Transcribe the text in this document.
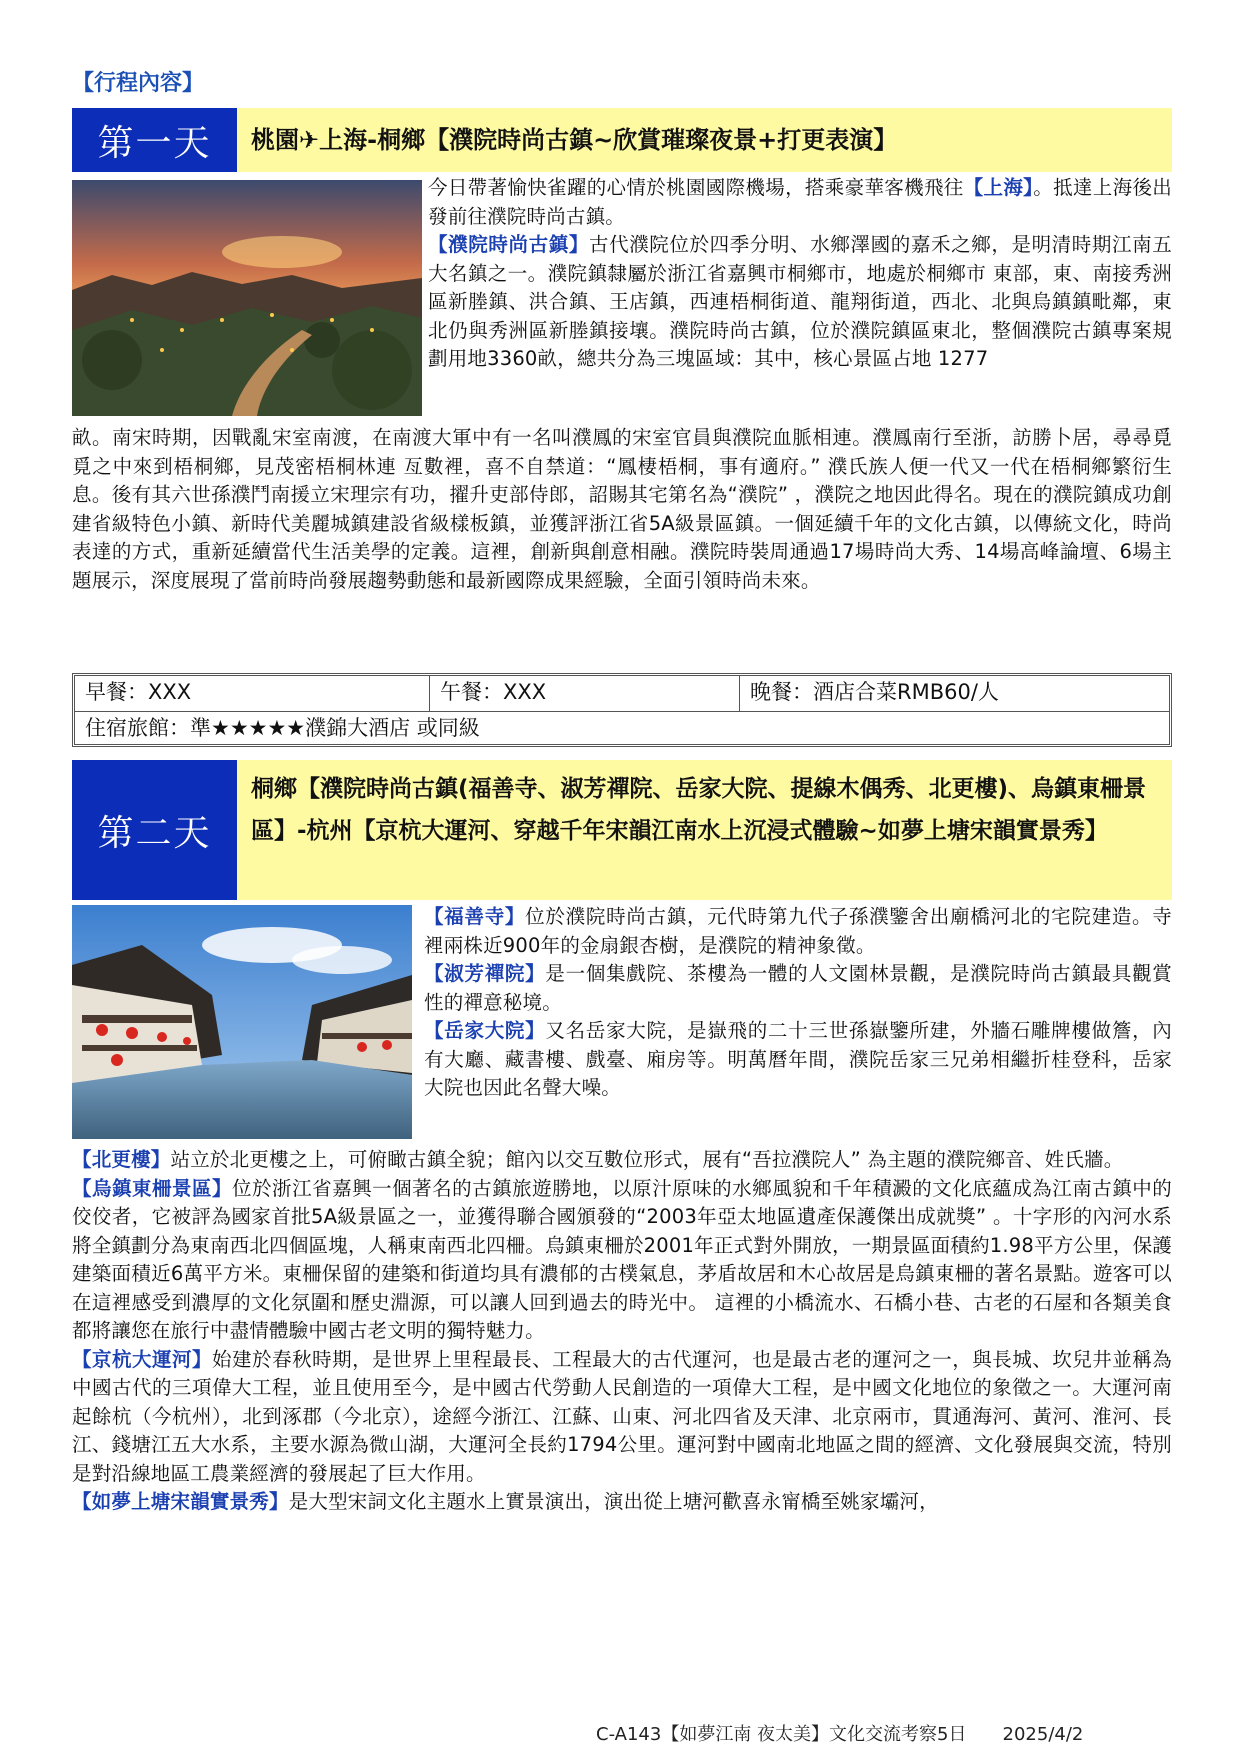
【行程內容】
第一天	桃園✈上海-桐鄉【濮院時尚古鎮~欣賞璀璨夜景+打更表演】
今日帶著愉快雀躍的心情於桃園國際機場，搭乘豪華客機飛往【上海】。抵達上海後出發前往濮院時尚古鎮。
【濮院時尚古鎮】古代濮院位於四季分明、水鄉澤國的嘉禾之鄉，是明清時期江南五大名鎮之一。濮院鎮隸屬於浙江省嘉興市桐鄉市，地處於桐鄉市 東部，東、南接秀洲區新塍鎮、洪合鎮、王店鎮，西連梧桐街道、龍翔街道，西北、北與烏鎮鎮毗鄰，東北仍與秀洲區新塍鎮接壤。濮院時尚古鎮，位於濮院鎮區東北，整個濮院古鎮專案規劃用地3360畝，總共分為三塊區域：其中，核心景區占地 1277
畝。南宋時期，因戰亂宋室南渡，在南渡大軍中有一名叫濮鳳的宋室官員與濮院血脈相連。濮鳳南行至浙，訪勝卜居，尋尋覓覓之中來到梧桐鄉，見茂密梧桐林連 亙數裡，喜不自禁道：“鳳棲梧桐，事有適府。” 濮氏族人便一代又一代在梧桐鄉繁衍生息。後有其六世孫濮鬥南援立宋理宗有功，擢升吏部侍郎，詔賜其宅第名為“濮院” ，濮院之地因此得名。現在的濮院鎮成功創建省級特色小鎮、新時代美麗城鎮建設省級樣板鎮，並獲評浙江省5A級景區鎮。一個延續千年的文化古鎮，以傳統文化，時尚表達的方式，重新延續當代生活美學的定義。這裡，創新與創意相融。濮院時裝周通過17場時尚大秀、14場高峰論壇、6場主題展示，深度展現了當前時尚發展趨勢動態和最新國際成果經驗，全面引領時尚未來。
早餐：XXX	午餐：XXX	晚餐：酒店合菜RMB60/人
住宿旅館：準★★★★★濮錦大酒店 或同級
第二天
桐鄉【濮院時尚古鎮(福善寺、淑芳禪院、岳家大院、提線木偶秀、北更樓)、烏鎮東柵景區】-杭州【京杭大運河、穿越千年宋韻江南水上沉浸式體驗~如夢上塘宋韻實景秀】
【福善寺】位於濮院時尚古鎮，元代時第九代子孫濮鑒舍出廟橋河北的宅院建造。寺裡兩株近900年的金扇銀杏樹，是濮院的精神象徵。
【淑芳禪院】是一個集戲院、茶樓為一體的人文園林景觀，是濮院時尚古鎮最具觀賞性的禪意秘境。
【岳家大院】又名岳家大院，是嶽飛的二十三世孫嶽鑒所建，外牆石雕牌樓做簷，內有大廳、藏書樓、戲臺、廂房等。明萬曆年間，濮院岳家三兄弟相繼折桂登科，岳家大院也因此名聲大噪。
【北更樓】站立於北更樓之上，可俯瞰古鎮全貌；館內以交互數位形式，展有“吾拉濮院人” 為主題的濮院鄉音、姓氏牆。
【烏鎮東柵景區】位於浙江省嘉興一個著名的古鎮旅遊勝地，以原汁原味的水鄉風貌和千年積澱的文化底蘊成為江南古鎮中的佼佼者，它被評為國家首批5A級景區之一，並獲得聯合國頒發的“2003年亞太地區遺產保護傑出成就獎” 。十字形的內河水系將全鎮劃分為東南西北四個區塊，人稱東南西北四柵。烏鎮東柵於2001年正式對外開放，一期景區面積約1.98平方公里，保護建築面積近6萬平方米。東柵保留的建築和街道均具有濃郁的古樸氣息，茅盾故居和木心故居是烏鎮東柵的著名景點。遊客可以在這裡感受到濃厚的文化氛圍和歷史淵源，可以讓人回到過去的時光中。 這裡的小橋流水、石橋小巷、古老的石屋和各類美食都將讓您在旅行中盡情體驗中國古老文明的獨特魅力。
【京杭大運河】始建於春秋時期，是世界上里程最長、工程最大的古代運河，也是最古老的運河之一，與長城、坎兒井並稱為中國古代的三項偉大工程，並且使用至今，是中國古代勞動人民創造的一項偉大工程，是中國文化地位的象徵之一。大運河南起餘杭（今杭州），北到涿郡（今北京），途經今浙江、江蘇、山東、河北四省及天津、北京兩市，貫通海河、黃河、淮河、長江、錢塘江五大水系，主要水源為微山湖，大運河全長約1794公里。運河對中國南北地區之間的經濟、文化發展與交流，特別是對沿線地區工農業經濟的發展起了巨大作用。
【如夢上塘宋韻實景秀】是大型宋詞文化主題水上實景演出，演出從上塘河歡喜永甯橋至姚家壩河，
C-A143【如夢江南 夜太美】文化交流考察5日　　2025/4/2
